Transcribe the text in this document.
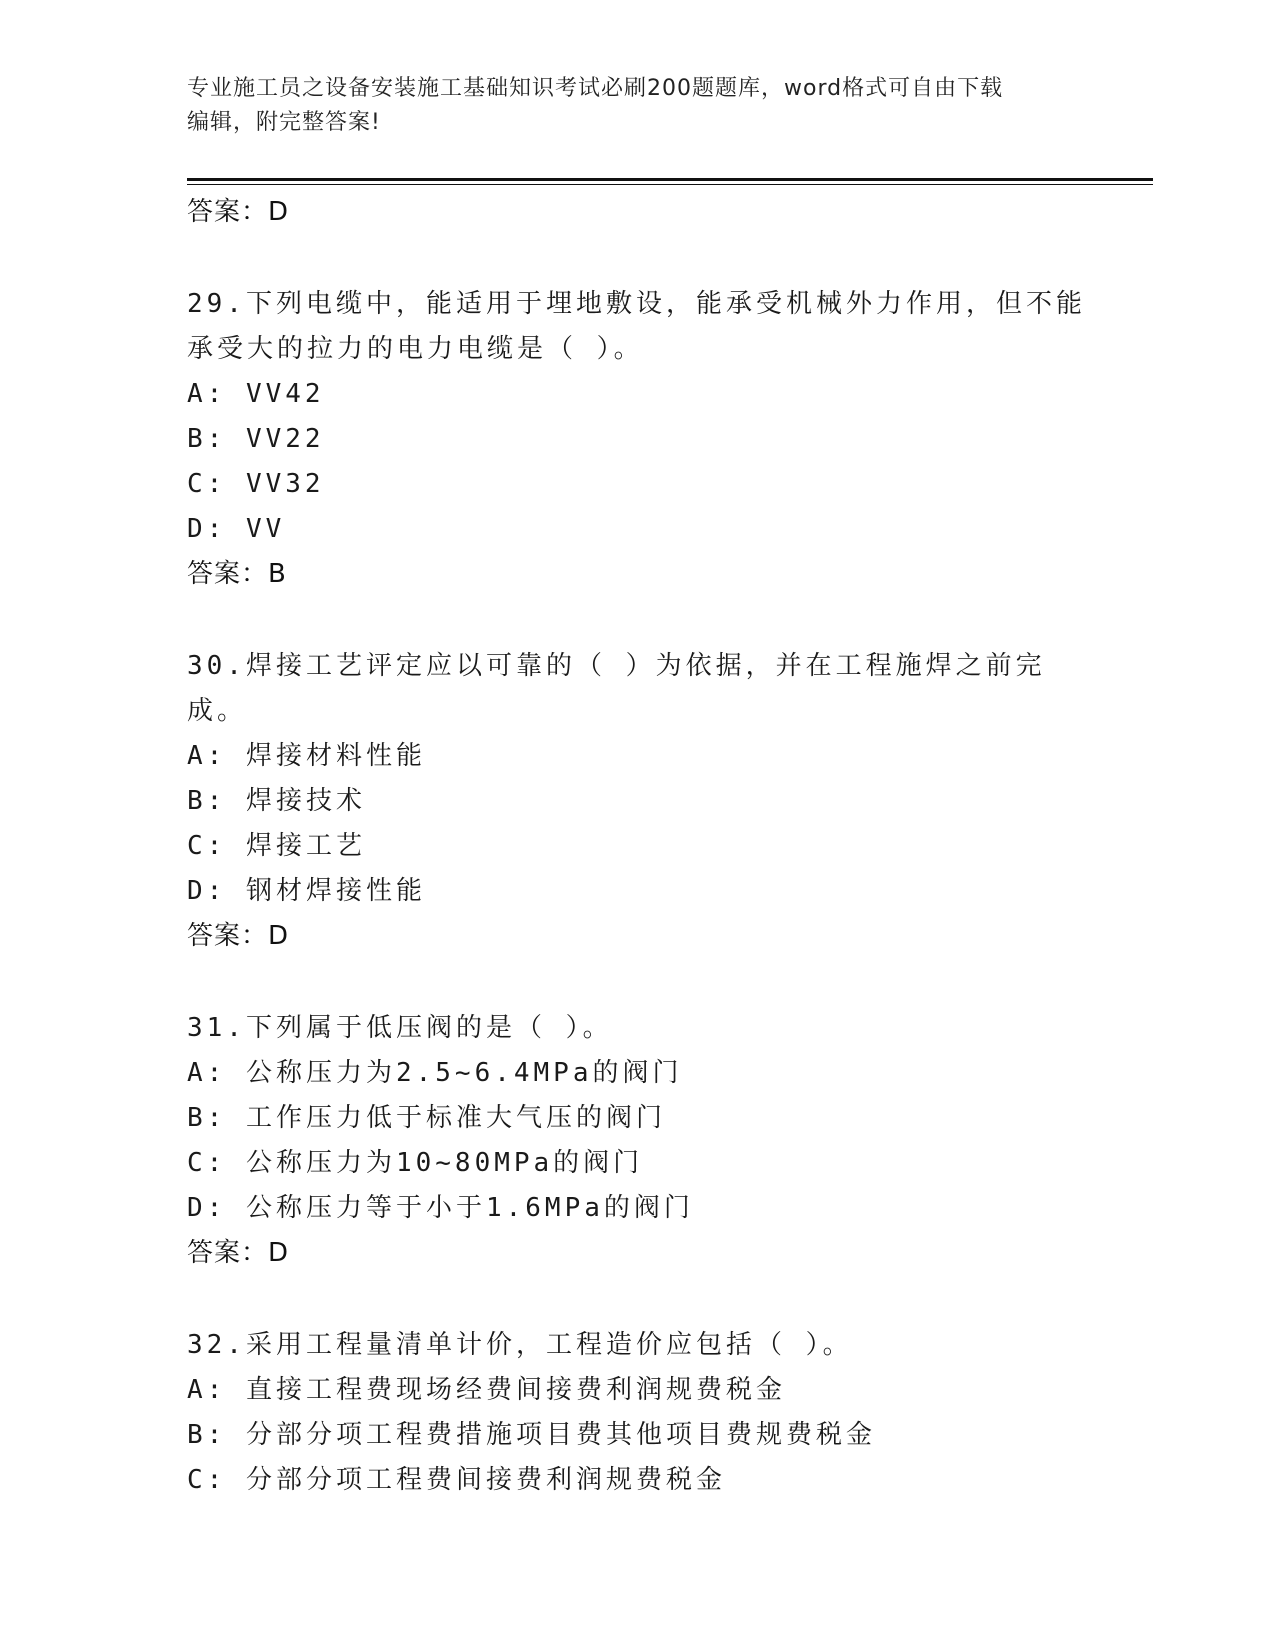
专业施工员之设备安装施工基础知识考试必刷200题题库，word格式可自由下载
编辑，附完整答案!
答案：D
29.下列电缆中，能适用于埋地敷设，能承受机械外力作用，但不能承受大的拉力的电力电缆是（ ）。
A: VV42
B: VV22
C: VV32
D: VV
答案：B
30.焊接工艺评定应以可靠的（ ）为依据，并在工程施焊之前完成。
A: 焊接材料性能
B: 焊接技术
C: 焊接工艺
D: 钢材焊接性能
答案：D
31.下列属于低压阀的是（ ）。
A: 公称压力为2.5~6.4MPa的阀门
B: 工作压力低于标准大气压的阀门
C: 公称压力为10~80MPa的阀门
D: 公称压力等于小于1.6MPa的阀门
答案：D
32.采用工程量清单计价，工程造价应包括（ ）。
A: 直接工程费现场经费间接费利润规费税金
B: 分部分项工程费措施项目费其他项目费规费税金
C: 分部分项工程费间接费利润规费税金
